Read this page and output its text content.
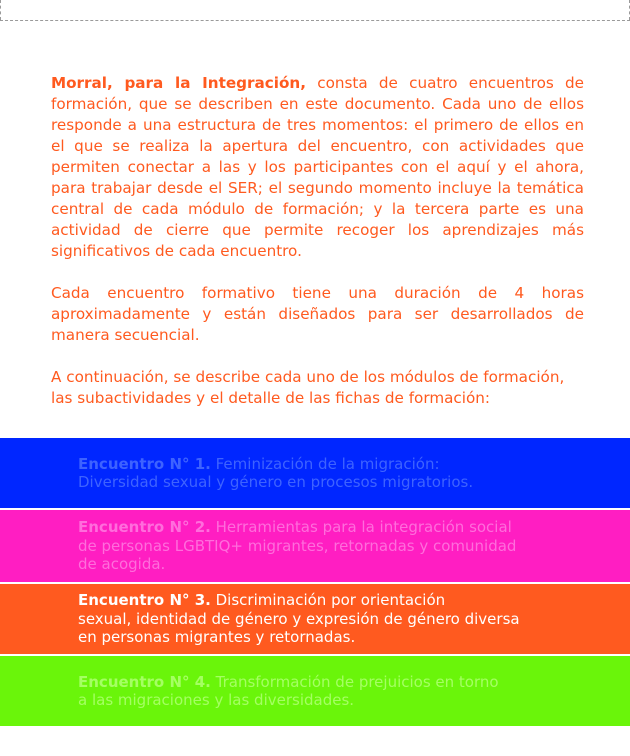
Morral, para la Integración, consta de cuatro encuentros de formación, que se describen en este documento. Cada uno de ellos responde a una estructura de tres momentos: el primero de ellos en el que se realiza la apertura del encuentro, con actividades que permiten conectar a las y los participantes con el aquí y el ahora, para trabajar desde el SER; el segundo momento incluye la temática central de cada módulo de formación; y la tercera parte es una actividad de cierre que permite recoger los aprendizajes más significativos de cada encuentro.

Cada encuentro formativo tiene una duración de 4 horas aproximadamente y están diseñados para ser desarrollados de manera secuencial.

A continuación, se describe cada uno de los módulos de formación, las subactividades y el detalle de las fichas de formación:

Encuentro N° 1. Feminización de la migración:
Diversidad sexual y género en procesos migratorios.
Encuentro N° 2. Herramientas para la integración social
de personas LGBTIQ+ migrantes, retornadas y comunidad
de acogida.
Encuentro N° 3. Discriminación por orientación
sexual, identidad de género y expresión de género diversa
en personas migrantes y retornadas.
Encuentro N° 4. Transformación de prejuicios en torno
a las migraciones y las diversidades.
